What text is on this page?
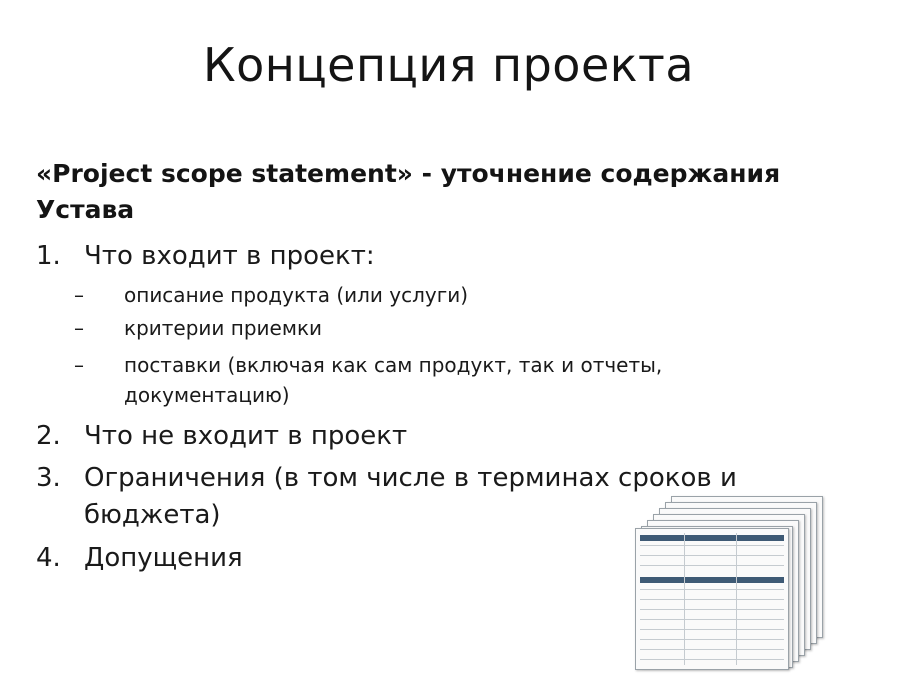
Концепция проекта
«Project scope statement» - уточнение содержания Устава
1. Что входит в проект:
– описание продукта (или услуги)
– критерии приемки
– поставки (включая как сам продукт, так и отчеты, документацию)
2. Что не входит в проект
3. Ограничения (в том числе в терминах сроков и бюджета)
4. Допущения
